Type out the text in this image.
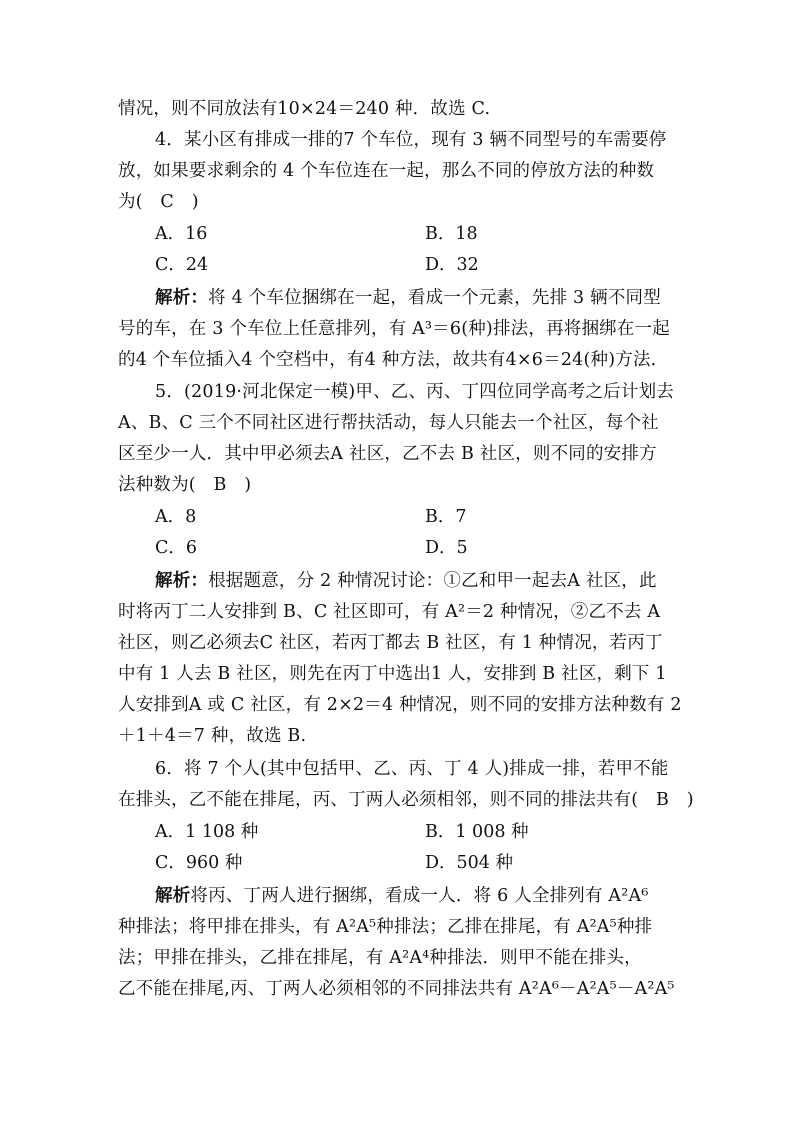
情况，则不同放法有10×24＝240 种．故选 C.
4．某小区有排成一排的7 个车位，现有 3 辆不同型号的车需要停
放，如果要求剩余的 4 个车位连在一起，那么不同的停放方法的种数
为(　C　)
A．16	B．18
C．24	D．32
解析：将 4 个车位捆绑在一起，看成一个元素，先排 3 辆不同型
号的车，在 3 个车位上任意排列，有 A³＝6(种)排法，再将捆绑在一起
的4 个车位插入4 个空档中，有4 种方法，故共有4×6＝24(种)方法．
5．(2019·河北保定一模)甲、乙、丙、丁四位同学高考之后计划去
A、B、C 三个不同社区进行帮扶活动，每人只能去一个社区，每个社
区至少一人．其中甲必须去A 社区，乙不去 B 社区，则不同的安排方
法种数为(　B　)
A．8	B．7
C．6	D．5
解析：根据题意，分 2 种情况讨论：①乙和甲一起去A 社区，此
时将丙丁二人安排到 B、C 社区即可，有 A²＝2 种情况，②乙不去 A
社区，则乙必须去C 社区，若丙丁都去 B 社区，有 1 种情况，若丙丁
中有 1 人去 B 社区，则先在丙丁中选出1 人，安排到 B 社区，剩下 1
人安排到A 或 C 社区，有 2×2＝4 种情况，则不同的安排方法种数有 2
＋1＋4＝7 种，故选 B.
6．将 7 个人(其中包括甲、乙、丙、丁 4 人)排成一排，若甲不能
在排头，乙不能在排尾，丙、丁两人必须相邻，则不同的排法共有(　B　)
A．1 108 种	B．1 008 种
C．960 种	D．504 种
解析将丙、丁两人进行捆绑，看成一人．将 6 人全排列有 A²A⁶
种排法；将甲排在排头，有 A²A⁵种排法；乙排在排尾，有 A²A⁵种排
法；甲排在排头，乙排在排尾，有 A²A⁴种排法．则甲不能在排头，
乙不能在排尾,丙、丁两人必须相邻的不同排法共有 A²A⁶－A²A⁵－A²A⁵
